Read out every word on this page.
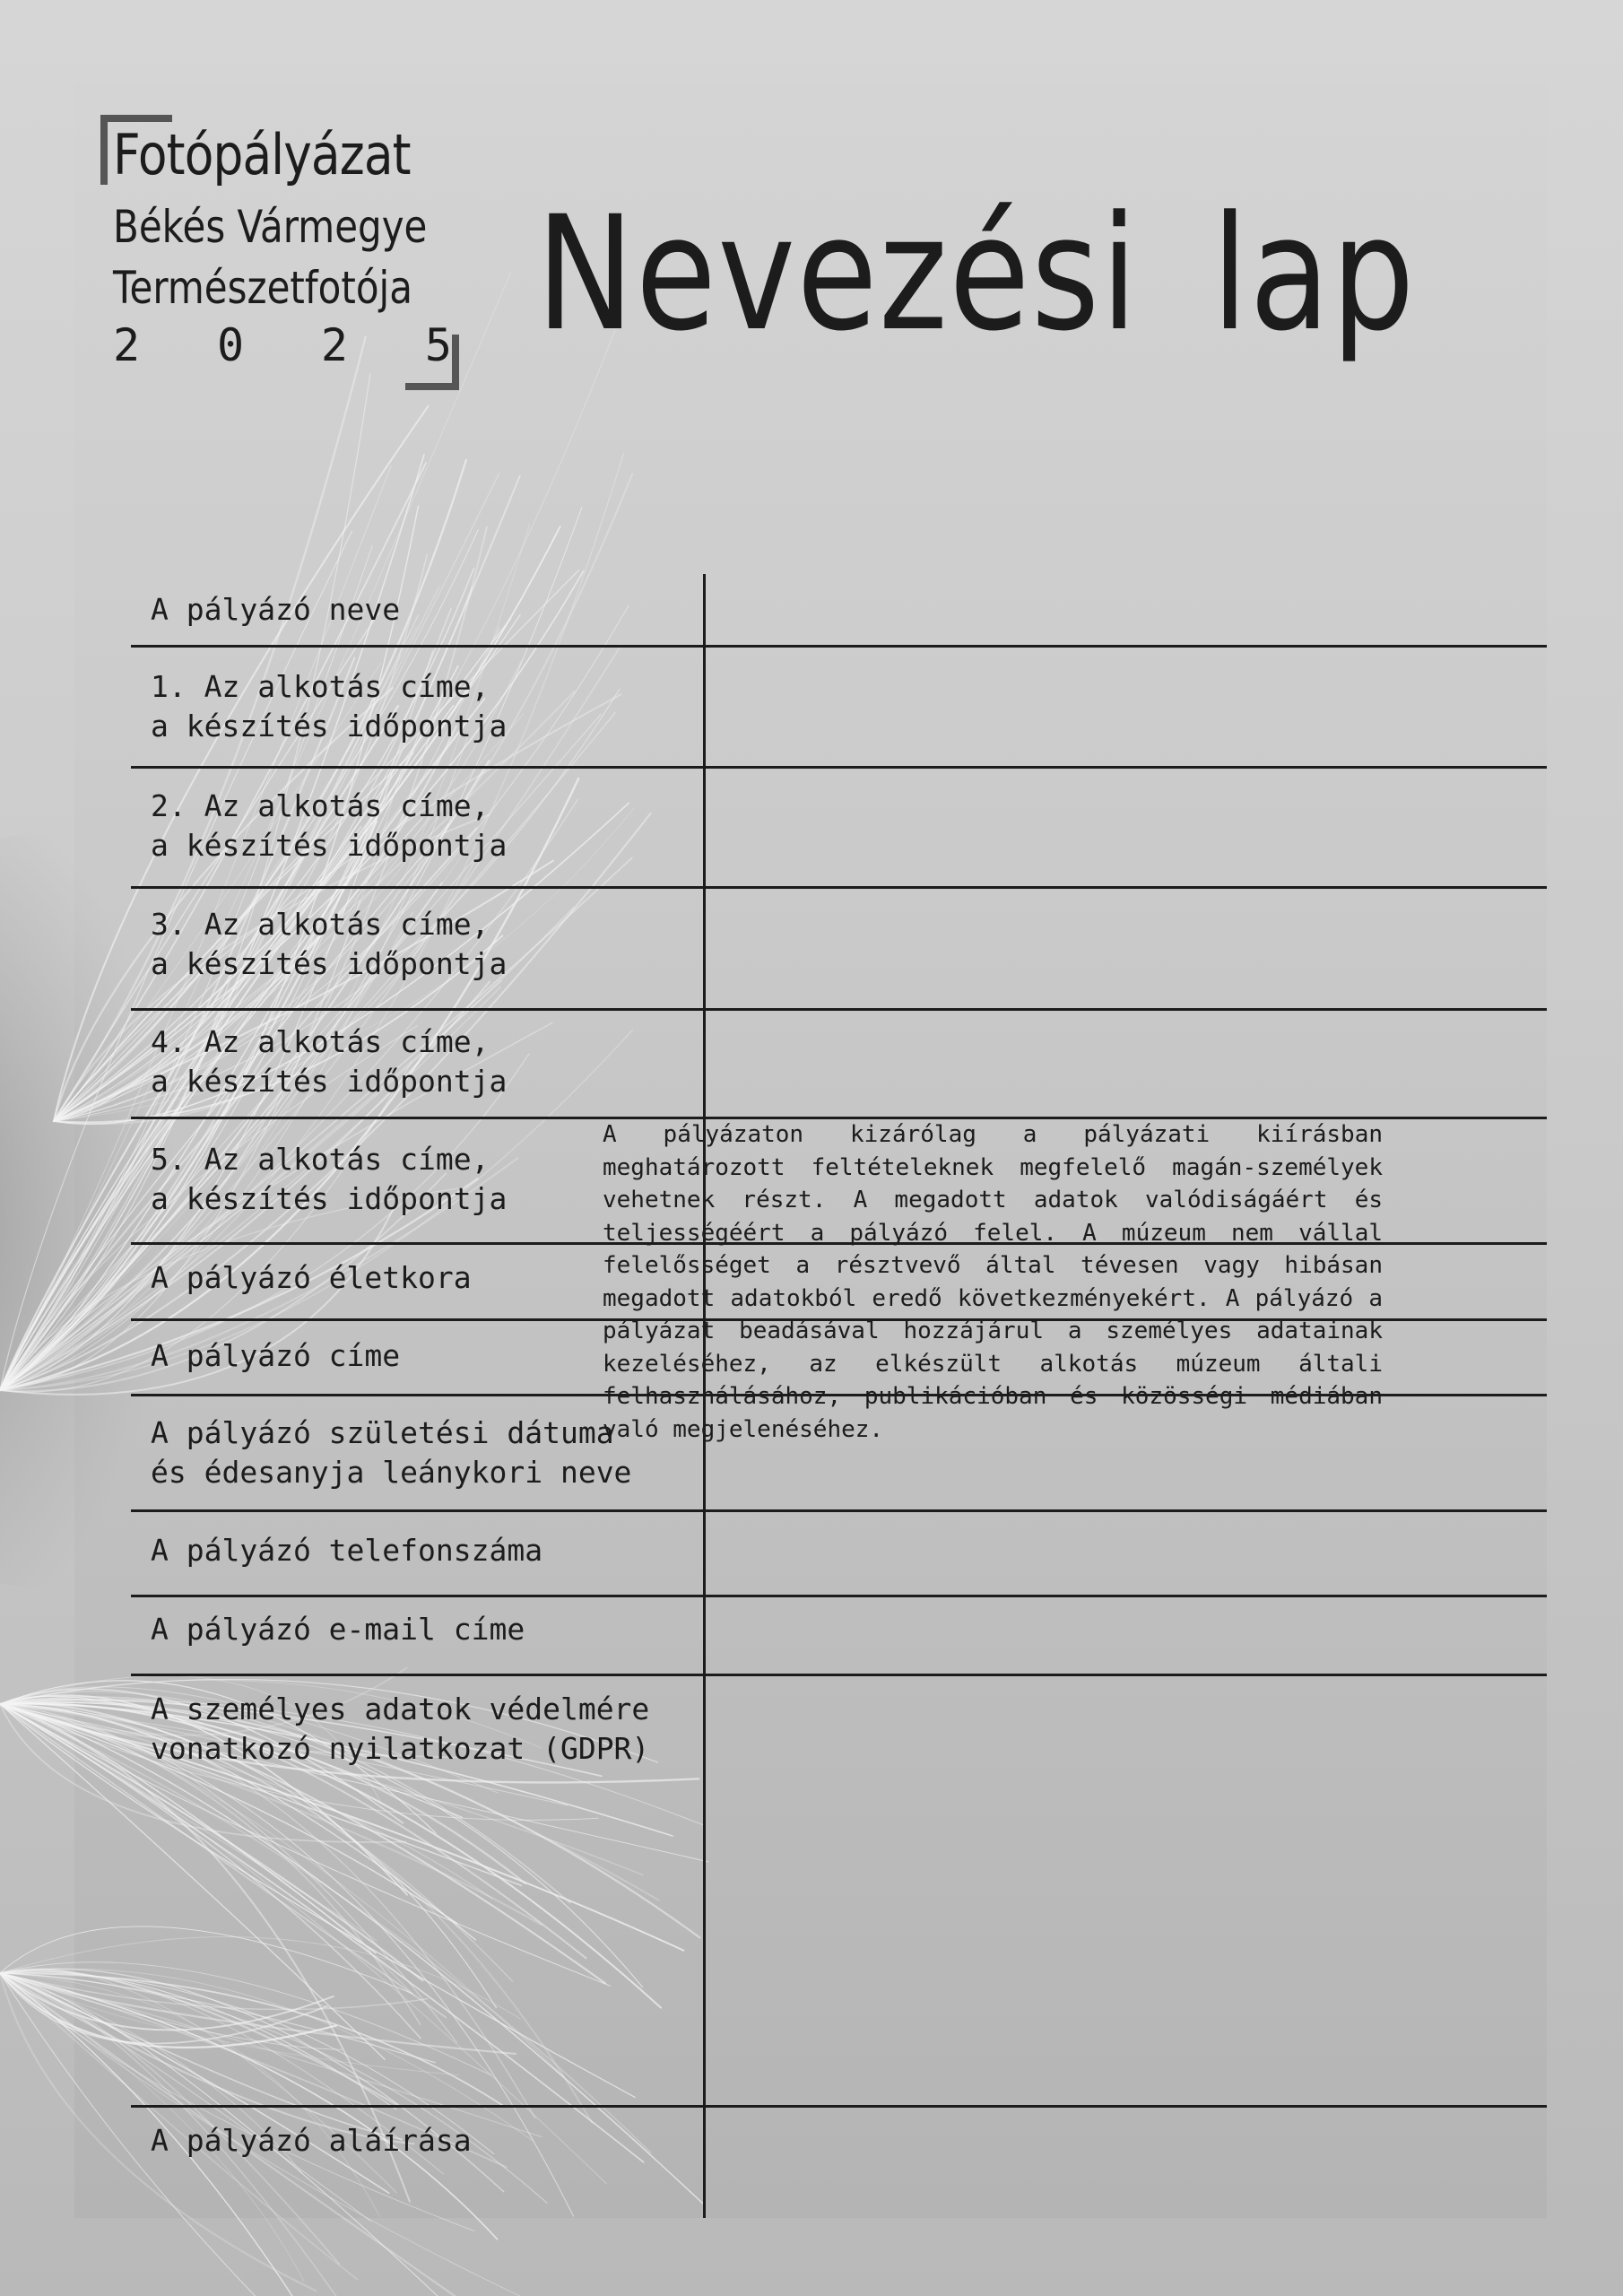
Fotópályázat
Békés Vármegye
Természetfotója
2 0 2 5 Nevezési lap
A pályázó neve
1. Az alkotás címe,
a készítés időpontja
2. Az alkotás címe,
a készítés időpontja
3. Az alkotás címe,
a készítés időpontja
4. Az alkotás címe,
a készítés időpontja
5. Az alkotás címe,
a készítés időpontja
A pályázó életkora
A pályázó címe
A pályázó születési dátuma
és édesanyja leánykori neve
A pályázó telefonszáma
A pályázó e-mail címe
A személyes adatok védelmére
vonatkozó nyilatkozat (GDPR)
A pályázó aláírása
A pályázaton kizárólag a pályázati kiírásban meghatározott feltételeknek megfelelő magán-személyek vehetnek részt. A megadott adatok valódiságáért és teljességéért a pályázó felel. A múzeum nem vállal felelősséget a résztvevő által tévesen vagy hibásan megadott adatokból eredő következményekért. A pályázó a pályázat beadásával hozzájárul a személyes adatainak kezeléséhez, az elkészült alkotás múzeum általi felhasználásához, publikációban és közösségi médiában való megjelenéséhez.
